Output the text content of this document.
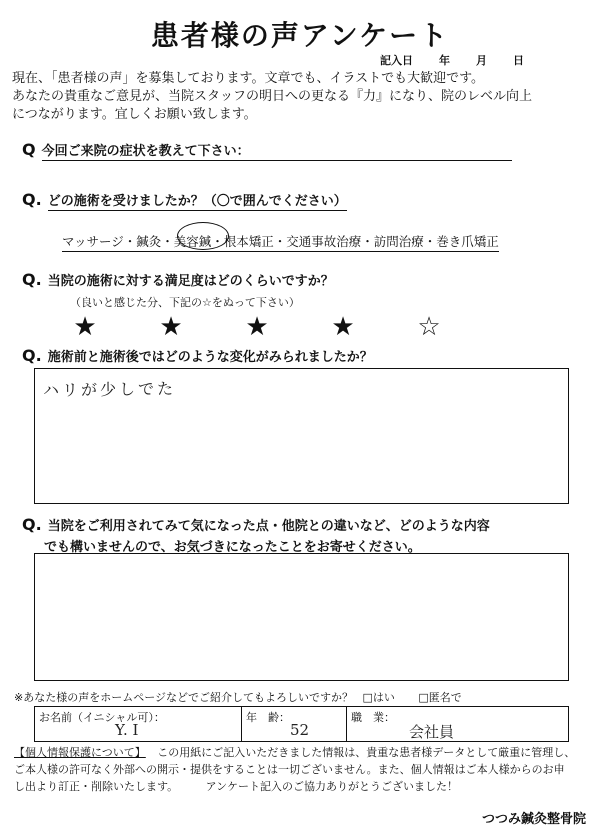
患者様の声アンケート
記入日 年 月 日
現在、「患者様の声」を募集しております。文章でも、イラストでも大歓迎です。
あなたの貴重なご意見が、当院スタッフの明日への更なる『力』になり、院のレベル向上
につながります。宜しくお願い致します。
Q 今回ご来院の症状を教えて下さい：
Q. どの施術を受けましたか？（〇で囲んでください）
マッサージ・鍼灸・美容鍼・根本矯正・交通事故治療・訪問治療・巻き爪矯正
Q. 当院の施術に対する満足度はどのくらいですか？
（良いと感じた分、下記の☆をぬって下さい）
★	★	★	★	☆
Q. 施術前と施術後ではどのような変化がみられましたか？
ハリが少しでた
Q. 当院をご利用されてみて気になった点・他院との違いなど、どのような内容
でも構いませんので、お気づきになったことをお寄せください。
※あなた様の声をホームページなどでご紹介してもよろしいですか？ □はい □匿名で
お名前（イニシャル可）：
Y. I
年　齢：
52
職　業：
会社員
【個人情報保護について】 この用紙にご記入いただきました情報は、貴重な患者様データとして厳重に管理し、
ご本人様の許可なく外部への開示・提供をすることは一切ございません。また、個人情報はご本人様からのお申
し出より訂正・削除いたします。	アンケート記入のご協力ありがとうございました！
つつみ鍼灸整骨院
